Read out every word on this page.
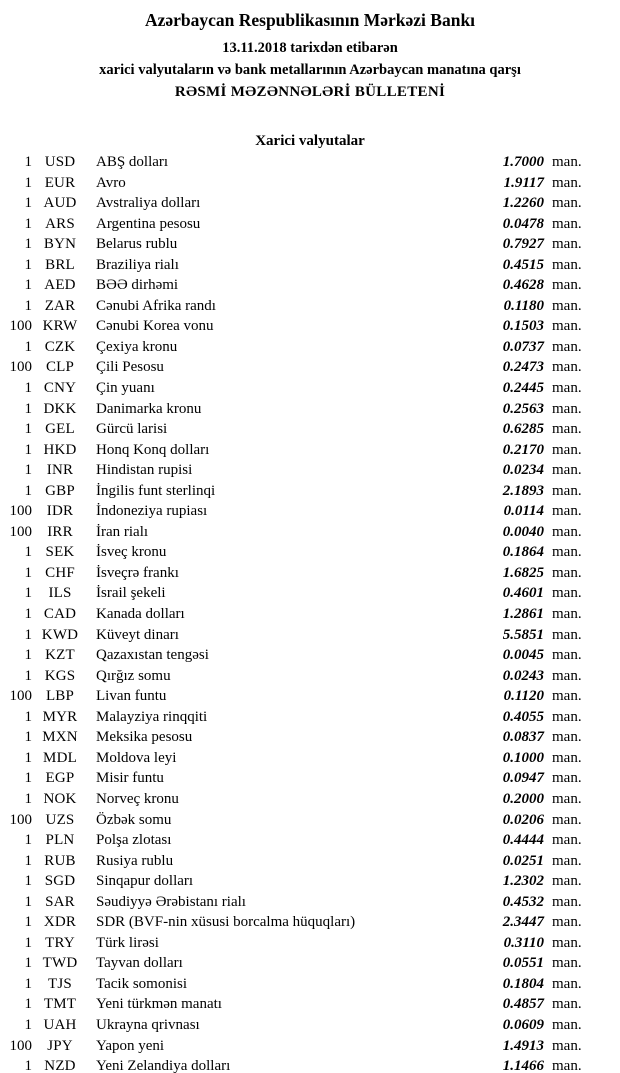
Azərbaycan Respublikasının Mərkəzi Bankı
13.11.2018 tarixdən etibarən
xarici valyutaların və bank metallarının Azərbaycan manatına qarşı
RƏSMİ MƏZƏNNƏLƏRİ BÜLLETENİ
Xarici valyutalar
1 USD	ABŞ dolları	1.7000 man.
1 EUR	Avro	1.9117 man.
1 AUD	Avstraliya dolları	1.2260 man.
1 ARS	Argentina pesosu	0.0478 man.
1 BYN	Belarus rublu	0.7927 man.
1 BRL	Braziliya rialı	0.4515 man.
1 AED	BƏƏ dirhəmi	0.4628 man.
1 ZAR	Cənubi Afrika randı	0.1180 man.
100 KRW	Cənubi Korea vonu	0.1503 man.
1 CZK	Çexiya kronu	0.0737 man.
100 CLP	Çili Pesosu	0.2473 man.
1 CNY	Çin yuanı	0.2445 man.
1 DKK	Danimarka kronu	0.2563 man.
1 GEL	Gürcü larisi	0.6285 man.
1 HKD	Honq Konq dolları	0.2170 man.
1 INR	Hindistan rupisi	0.0234 man.
1 GBP	İngilis funt sterlinqi	2.1893 man.
100 IDR	İndoneziya rupiası	0.0114 man.
100	IRR	İran rialı	0.0040 man.
1 SEK	İsveç kronu	0.1864 man.
1 CHF	İsveçrə frankı	1.6825 man.
1	ILS	İsrail şekeli	0.4601 man.
1 CAD	Kanada dolları	1.2861 man.
1 KWD	Küveyt dinarı	5.5851 man.
1 KZT	Qazaxıstan tengəsi	0.0045 man.
1 KGS	Qırğız somu	0.0243 man.
100 LBP	Livan funtu	0.1120 man.
1 MYR	Malayziya rinqqiti	0.4055 man.
1 MXN	Meksika pesosu	0.0837 man.
1 MDL	Moldova leyi	0.1000 man.
1 EGP	Misir funtu	0.0947 man.
1 NOK	Norveç kronu	0.2000 man.
100 UZS	Özbək somu	0.0206 man.
1 PLN	Polşa zlotası	0.4444 man.
1 RUB	Rusiya rublu	0.0251 man.
1 SGD	Sinqapur dolları	1.2302 man.
1 SAR	Səudiyyə Ərəbistanı rialı	0.4532 man.
1 XDR	SDR (BVF-nin xüsusi borcalma hüquqları)	2.3447 man.
1 TRY	Türk lirəsi	0.3110 man.
1 TWD	Tayvan dolları	0.0551 man.
1	TJS	Tacik somonisi	0.1804 man.
1 TMT	Yeni türkmən manatı	0.4857 man.
1 UAH	Ukrayna qrivnası	0.0609 man.
100	JPY	Yapon yeni	1.4913 man.
1 NZD	Yeni Zelandiya dolları	1.1466 man.
